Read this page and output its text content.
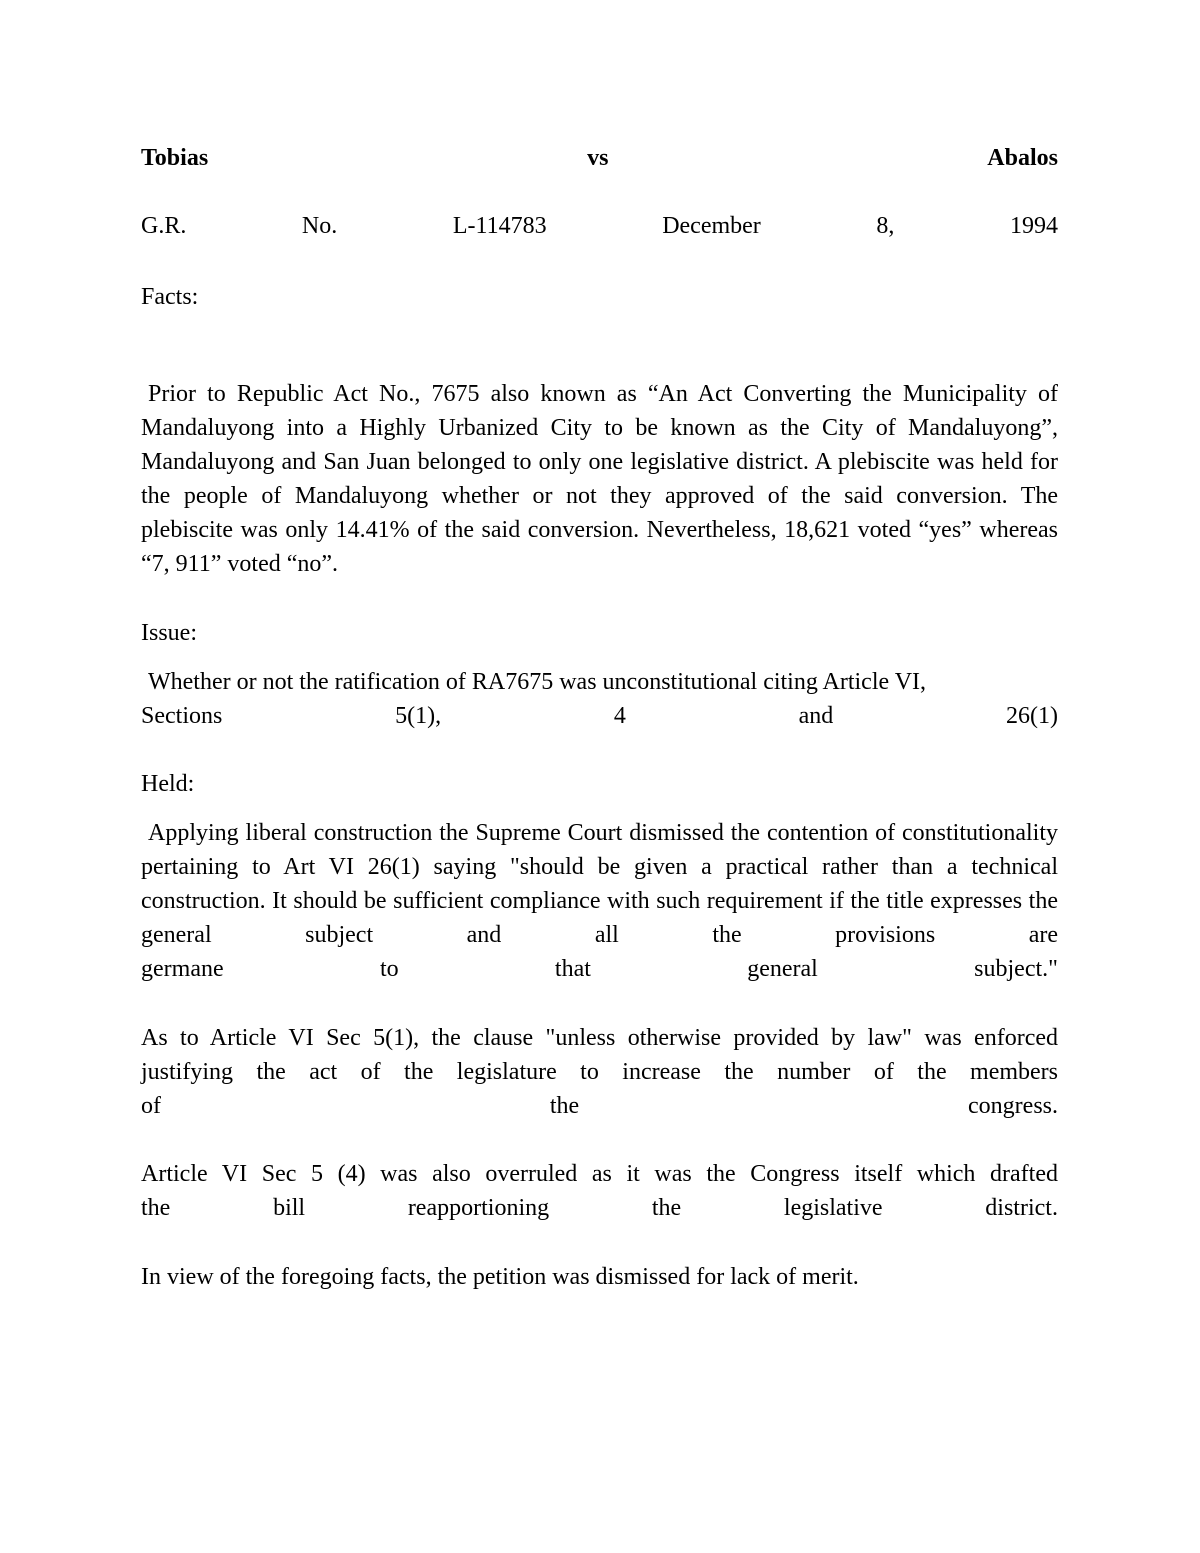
Tobias	vs	Abalos
G.R.	No.	L-114783	December	8,	1994
Facts:
Prior to Republic Act No., 7675 also known as “An Act Converting the Municipality of Mandaluyong into a Highly Urbanized City to be known as the City of Mandaluyong”, Mandaluyong and San Juan belonged to only one legislative district. A plebiscite was held for the people of Mandaluyong whether or not they approved of the said conversion. The plebiscite was only 14.41% of the said conversion. Nevertheless, 18,621 voted “yes” whereas “7, 911” voted “no”.
Issue:
Whether or not the ratification of RA7675 was unconstitutional citing Article VI,
Sections	5(1),	4	and	26(1)
Held:
Applying liberal construction the Supreme Court dismissed the contention of constitutionality pertaining to Art VI 26(1) saying "should be given a practical rather than a technical construction. It should be sufficient compliance with such requirement if the title expresses the general subject and all the provisions are
germane	to	that	general	subject."
As to Article VI Sec 5(1), the clause "unless otherwise provided by law" was enforced justifying the act of the legislature to increase the number of the members
of	the	congress.
Article VI Sec 5 (4) was also overruled as it was the Congress itself which drafted
the	bill	reapportioning	the	legislative	district.
In view of the foregoing facts, the petition was dismissed for lack of merit.
